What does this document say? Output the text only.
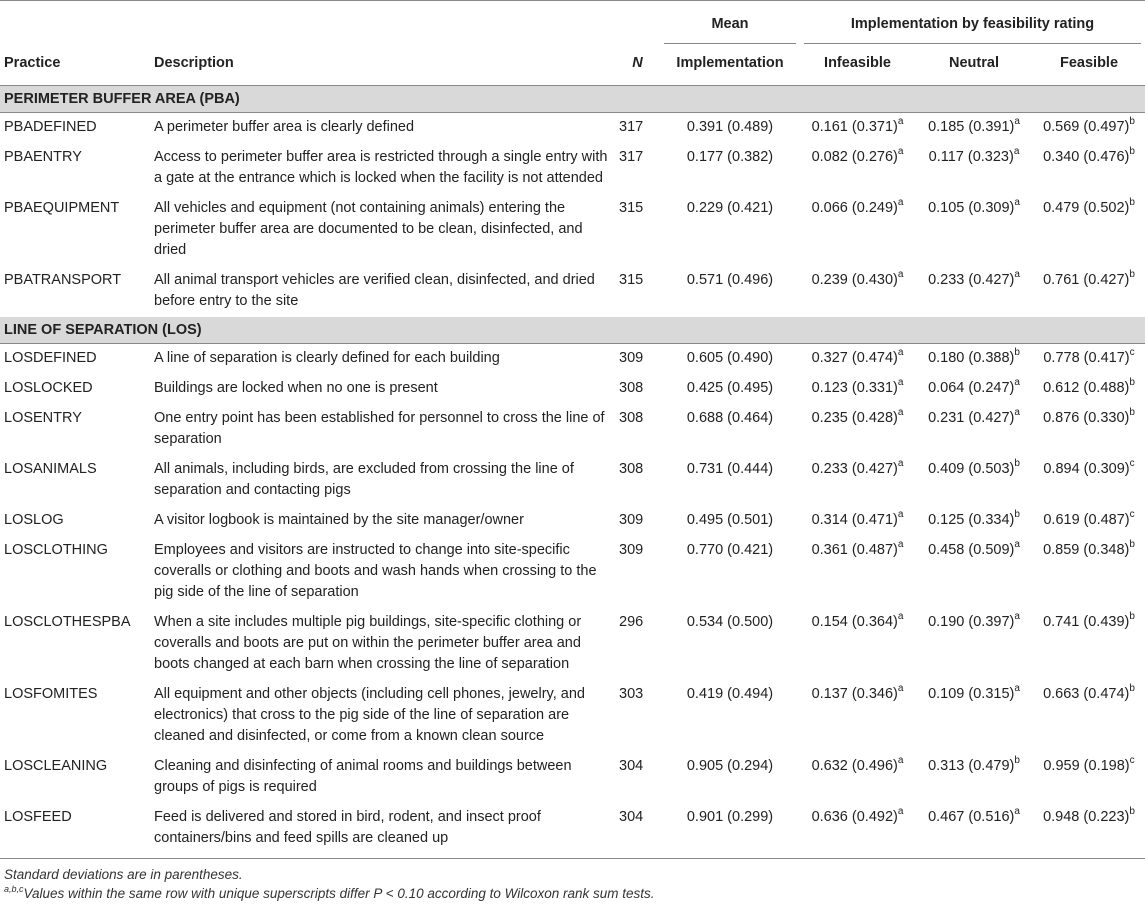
			Mean	Implementation by feasibility rating		

Practice	Description	N	Implementation	Infeasible	Neutral	Feasible
PERIMETER BUFFER AREA (PBA)						
PBADEFINED	A perimeter buffer area is clearly defined	317	0.391 (0.489)	0.161 $(0.371)^a$	0.185 $(0.391)^a$	0.569 $(0.497)^b$
PBAENTRY	Access to perimeter buffer area is restricted through a single entry with a gate at the entrance which is locked when the facility is not attended	317	0.177 (0.382)	0.082 $(0.276)^a$	0.117 $(0.323)^a$	0.340 $(0.476)^b$
PBAEQUIPMENT	All vehicles and equipment (not containing animals) entering the perimeter buffer area are documented to be clean, disinfected, and dried	315	0.229 (0.421)	0.066 $(0.249)^a$	0.105 $(0.309)^a$	0.479 $(0.502)^b$
PBATRANSPORT	All animal transport vehicles are verified clean, disinfected, and dried before entry to the site	315	0.571 (0.496)	0.239 $(0.430)^a$	0.233 $(0.427)^a$	0.761 $(0.427)^b$
LINE OF SEPARATION (LOS)						
LOSDEFINED	A line of separation is clearly defined for each building	309	0.605 (0.490)	0.327 $(0.474)^a$	0.180 $(0.388)^b$	0.778 $(0.417)^c$
LOSLOCKED	Buildings are locked when no one is present	308	0.425 (0.495)	0.123 $(0.331)^a$	0.064 $(0.247)^a$	0.612 $(0.488)^b$
LOSENTRY	One entry point has been established for personnel to cross the line of separation	308	0.688 (0.464)	0.235 $(0.428)^a$	0.231 $(0.427)^a$	0.876 $(0.330)^b$
LOSANIMALS	All animals, including birds, are excluded from crossing the line of separation and contacting pigs	308	0.731 (0.444)	0.233 $(0.427)^a$	0.409 $(0.503)^b$	0.894 $(0.309)^c$
LOSLOG	A visitor logbook is maintained by the site manager/owner	309	0.495 (0.501)	0.314 $(0.471)^a$	0.125 $(0.334)^b$	0.619 $(0.487)^c$
LOSCLOTHING	Employees and visitors are instructed to change into site-specific coveralls or clothing and boots and wash hands when crossing to the pig side of the line of separation	309	0.770 (0.421)	0.361 $(0.487)^a$	0.458 $(0.509)^a$	0.859 $(0.348)^b$
LOSCLOTHESPBA	When a site includes multiple pig buildings, site-specific clothing or coveralls and boots are put on within the perimeter buffer area and boots changed at each barn when crossing the line of separation	296	0.534 (0.500)	0.154 $(0.364)^a$	0.190 $(0.397)^a$	0.741 $(0.439)^b$
LOSFOMITES	All equipment and other objects (including cell phones, jewelry, and electronics) that cross to the pig side of the line of separation are cleaned and disinfected, or come from a known clean source	303	0.419 (0.494)	0.137 $(0.346)^a$	0.109 $(0.315)^a$	0.663 $(0.474)^b$
LOSCLEANING	Cleaning and disinfecting of animal rooms and buildings between groups of pigs is required	304	0.905 (0.294)	0.632 $(0.496)^a$	0.313 $(0.479)^b$	0.959 $(0.198)^c$
LOSFEED	Feed is delivered and stored in bird, rodent, and insect proof containers/bins and feed spills are cleaned up	304	0.901 (0.299)	0.636 $(0.492)^a$	0.467 $(0.516)^a$	0.948 $(0.223)^b$
Standard deviations are in parentheses.
$^{a,b,c}$Values within the same row with unique superscripts differ P < 0.10 according to Wilcoxon rank sum tests.
